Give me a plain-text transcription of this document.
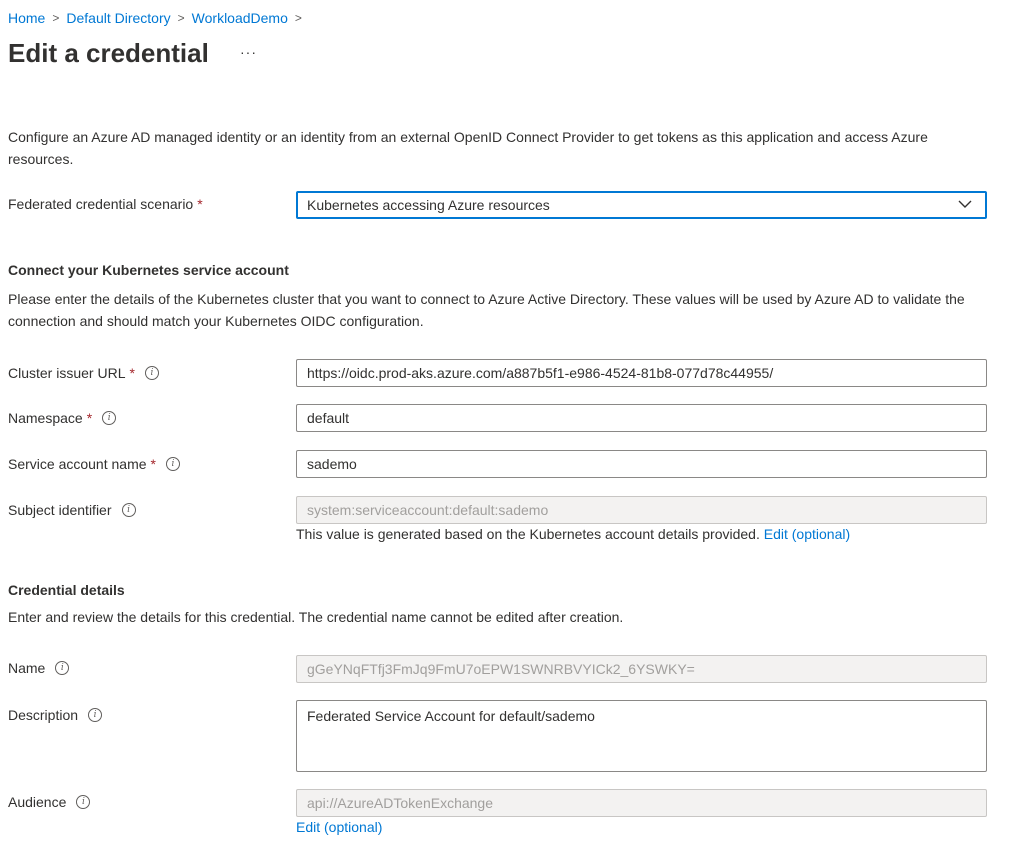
Home > Default Directory > WorkloadDemo >
Edit a credential ···
Configure an Azure AD managed identity or an identity from an external OpenID Connect Provider to get tokens as this application and access Azure resources.
Federated credential scenario *	Kubernetes accessing Azure resources
Connect your Kubernetes service account
Please enter the details of the Kubernetes cluster that you want to connect to Azure Active Directory. These values will be used by Azure AD to validate the connection and should match your Kubernetes OIDC configuration.
Cluster issuer URL *	i	https://oidc.prod-aks.azure.com/a887b5f1-e986-4524-81b8-077d78c44955/
Namespace *	i	default
Service account name *	i	sademo
Subject identifier	i	system:serviceaccount:default:sademo
This value is generated based on the Kubernetes account details provided. Edit (optional)
Credential details
Enter and review the details for this credential. The credential name cannot be edited after creation.
Name	i	gGeYNqFTfj3FmJq9FmU7oEPW1SWNRBVYICk2_6YSWKY=
Description	i	Federated Service Account for default/sademo
Audience	i	api://AzureADTokenExchange
Edit (optional)
